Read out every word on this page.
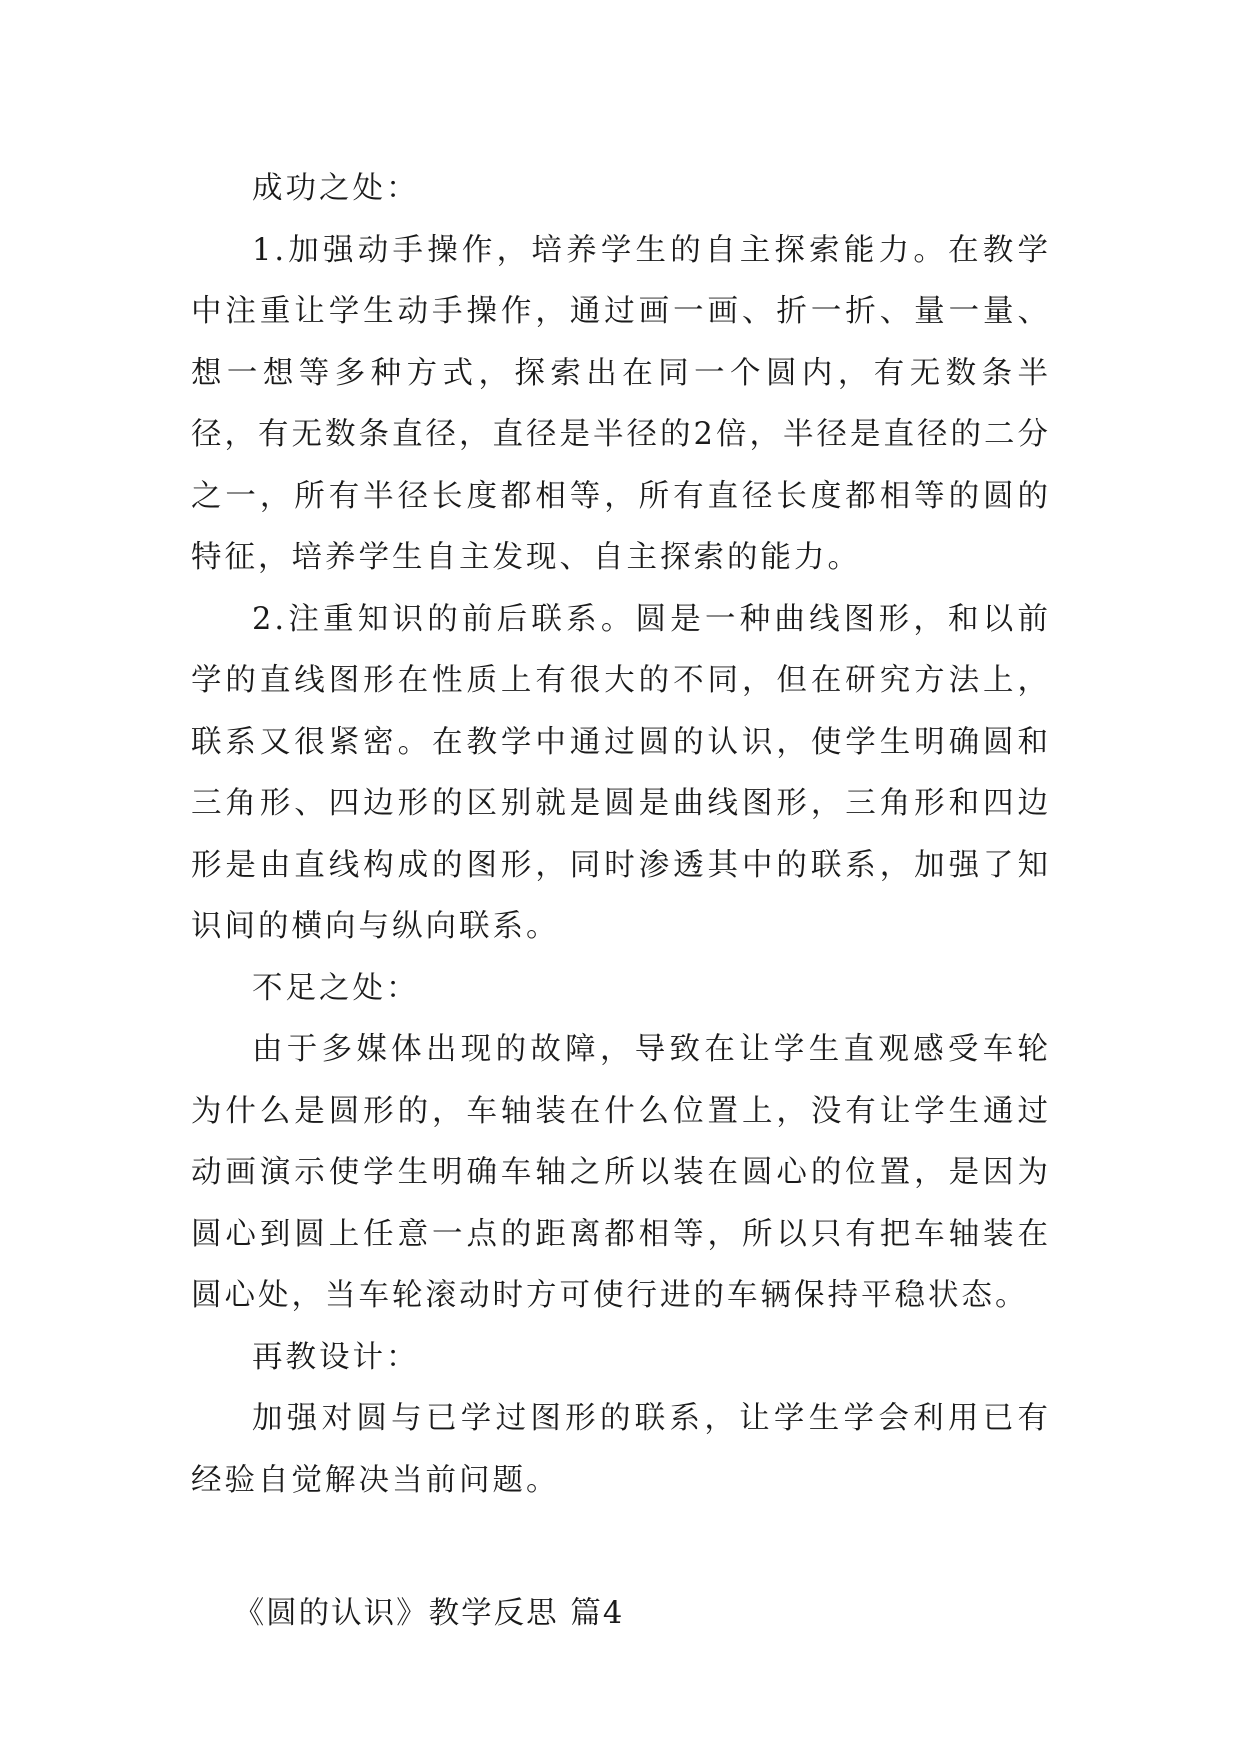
成功之处：

1.加强动手操作，培养学生的自主探索能力。在教学中注重让学生动手操作，通过画一画、折一折、量一量、想一想等多种方式，探索出在同一个圆内，有无数条半径，有无数条直径，直径是半径的2倍，半径是直径的二分之一，所有半径长度都相等，所有直径长度都相等的圆的特征，培养学生自主发现、自主探索的能力。

2.注重知识的前后联系。圆是一种曲线图形，和以前学的直线图形在性质上有很大的不同，但在研究方法上，联系又很紧密。在教学中通过圆的认识，使学生明确圆和三角形、四边形的区别就是圆是曲线图形，三角形和四边形是由直线构成的图形，同时渗透其中的联系，加强了知识间的横向与纵向联系。

不足之处：

由于多媒体出现的故障，导致在让学生直观感受车轮为什么是圆形的，车轴装在什么位置上，没有让学生通过动画演示使学生明确车轴之所以装在圆心的位置，是因为圆心到圆上任意一点的距离都相等，所以只有把车轴装在圆心处，当车轮滚动时方可使行进的车辆保持平稳状态。

再教设计：

加强对圆与已学过图形的联系，让学生学会利用已有经验自觉解决当前问题。

《圆的认识》教学反思 篇4
